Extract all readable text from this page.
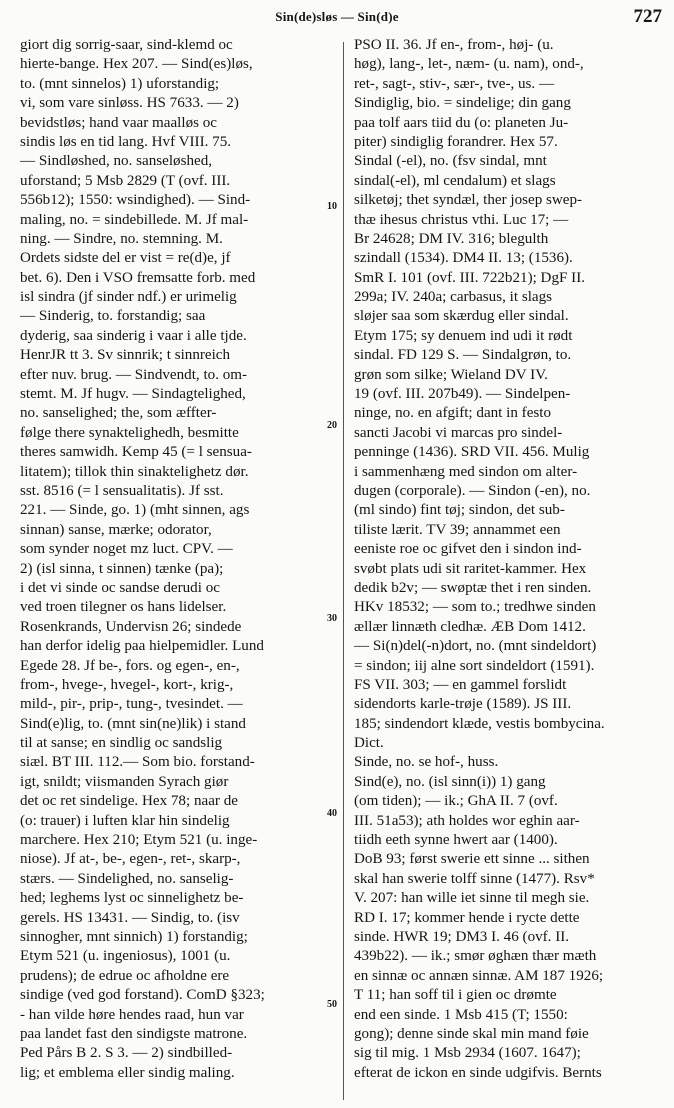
Sin(de)sløs — Sin(d)e	727
giort dig sorrig-saar, sind-klemd oc
hierte-bange. Hex 207. — Sind(es)løs,
to. (mnt sinnelos) 1) uforstandig;
vi, som vare sinløss. HS 7633. — 2)
bevidstløs; hand vaar maalløs oc
sindis løs en tid lang. Hvf VIII. 75.
— Sindløshed, no. sanseløshed,
uforstand; 5 Msb 2829 (T (ovf. III.
556b12); 1550: wsindighed). — Sind-
maling, no. = sindebillede. M. Jf mal-
ning. — Sindre, no. stemning. M.
Ordets sidste del er vist = re(d)e, jf
bet. 6). Den i VSO fremsatte forb. med
isl sindra (jf sinder ndf.) er urimelig
— Sinderig, to. forstandig; saa
dyderig, saa sinderig i vaar i alle tjde.
HenrJR tt 3. Sv sinnrik; t sinnreich
efter nuv. brug. — Sindvendt, to. om-
stemt. M. Jf hugv. — Sindagtelighed,
no. sanselighed; the, som æffter-
følge there synaktelighedh, besmitte
theres samwidh. Kemp 45 (= l sensua-
litatem); tillok thin sinaktelighetz dør.
sst. 8516 (= l sensualitatis). Jf sst.
221. — Sinde, go. 1) (mht sinnen, ags
sinnan) sanse, mærke; odorator,
som synder noget mz luct. CPV. —
2) (isl sinna, t sinnen) tænke (pa);
i det vi sinde oc sandse derudi oc
ved troen tilegner os hans lidelser.
Rosenkrands, Undervisn 26; sindede
han derfor idelig paa hielpemidler. Lund
Egede 28. Jf be-, fors. og egen-, en-,
from-, hvege-, hvegel-, kort-, krig-,
mild-, pir-, prip-, tung-, tvesindet. —
Sind(e)lig, to. (mnt sin(ne)lik) i stand
til at sanse; en sindlig oc sandslig
siæl. BT III. 112.— Som bio. forstand-
igt, snildt; viismanden Syrach giør
det oc ret sindelige. Hex 78; naar de
(o: trauer) i luften klar hin sindelig
marchere. Hex 210; Etym 521 (u. inge-
niose). Jf at-, be-, egen-, ret-, skarp-,
stærs. — Sindelighed, no. sanselig-
hed; leghems lyst oc sinnelighetz be-
gerels. HS 13431. — Sindig, to. (isv
sinnogher, mnt sinnich) 1) forstandig;
Etym 521 (u. ingeniosus), 1001 (u.
prudens); de edrue oc afholdne ere
sindige (ved god forstand). ComD §323;
- han vilde høre hendes raad, hun var
paa landet fast den sindigste matrone.
Ped Pårs B 2. S 3. — 2) sindbilled-
lig; et emblema eller sindig maling.
PSO II. 36. Jf en-, from-, høj- (u.
høg), lang-, let-, næm- (u. nam), ond-,
ret-, sagt-, stiv-, sær-, tve-, us. —
Sindiglig, bio. = sindelige; din gang
paa tolf aars tiid du (o: planeten Ju-
piter) sindiglig forandrer. Hex 57.
Sindal (-el), no. (fsv sindal, mnt
sindal(-el), ml cendalum) et slags
silketøj; thet syndæl, ther josep swep-
thæ ihesus christus vthi. Luc 17; —
Br 24628; DM IV. 316; blegulth
szindall (1534). DM4 II. 13; (1536).
SmR I. 101 (ovf. III. 722b21); DgF II.
299a; IV. 240a; carbasus, it slags
sløjer saa som skærdug eller sindal.
Etym 175; sy denuem ind udi it rødt
sindal. FD 129 S. — Sindalgrøn, to.
grøn som silke; Wieland DV IV.
19 (ovf. III. 207b49). — Sindelpen-
ninge, no. en afgift; dant in festo
sancti Jacobi vi marcas pro sindel-
penninge (1436). SRD VII. 456. Mulig
i sammenhæng med sindon om alter-
dugen (corporale). — Sindon (-en), no.
(ml sindo) fint tøj; sindon, det sub-
tiliste lærit. TV 39; annammet een
eeniste roe oc gifvet den i sindon ind-
svøbt plats udi sit raritet-kammer. Hex
dedik b2v; — swøptæ thet i ren sinden.
HKv 18532; — som to.; tredhwe sinden
ællær linnæth cledhæ. ÆB Dom 1412.
— Si(n)del(-n)dort, no. (mnt sindeldort)
= sindon; iij alne sort sindeldort (1591).
FS VII. 303; — en gammel forslidt
sidendorts karle-trøje (1589). JS III.
185; sindendort klæde, vestis bombycina.
Dict.
Sinde, no. se hof-, huss.
Sind(e), no. (isl sinn(i)) 1) gang
(om tiden); — ik.; GhA II. 7 (ovf.
III. 51a53); ath holdes wor eghin aar-
tiidh eeth synne hwert aar (1400).
DoB 93; først swerie ett sinne ... sithen
skal han swerie tolff sinne (1477). Rsv*
V. 207: han wille iet sinne til megh sie.
RD I. 17; kommer hende i rycte dette
sinde. HWR 19; DM3 I. 46 (ovf. II.
439b22). — ik.; smør øghæn thær mæth
en sinnæ oc annæn sinnæ. AM 187 1926;
T 11; han soff til i gien oc drømte
end een sinde. 1 Msb 415 (T; 1550:
gong); denne sinde skal min mand føie
sig til mig. 1 Msb 2934 (1607. 1647);
efterat de ickon en sinde udgifvis. Bernts
10
20
30
40
50
